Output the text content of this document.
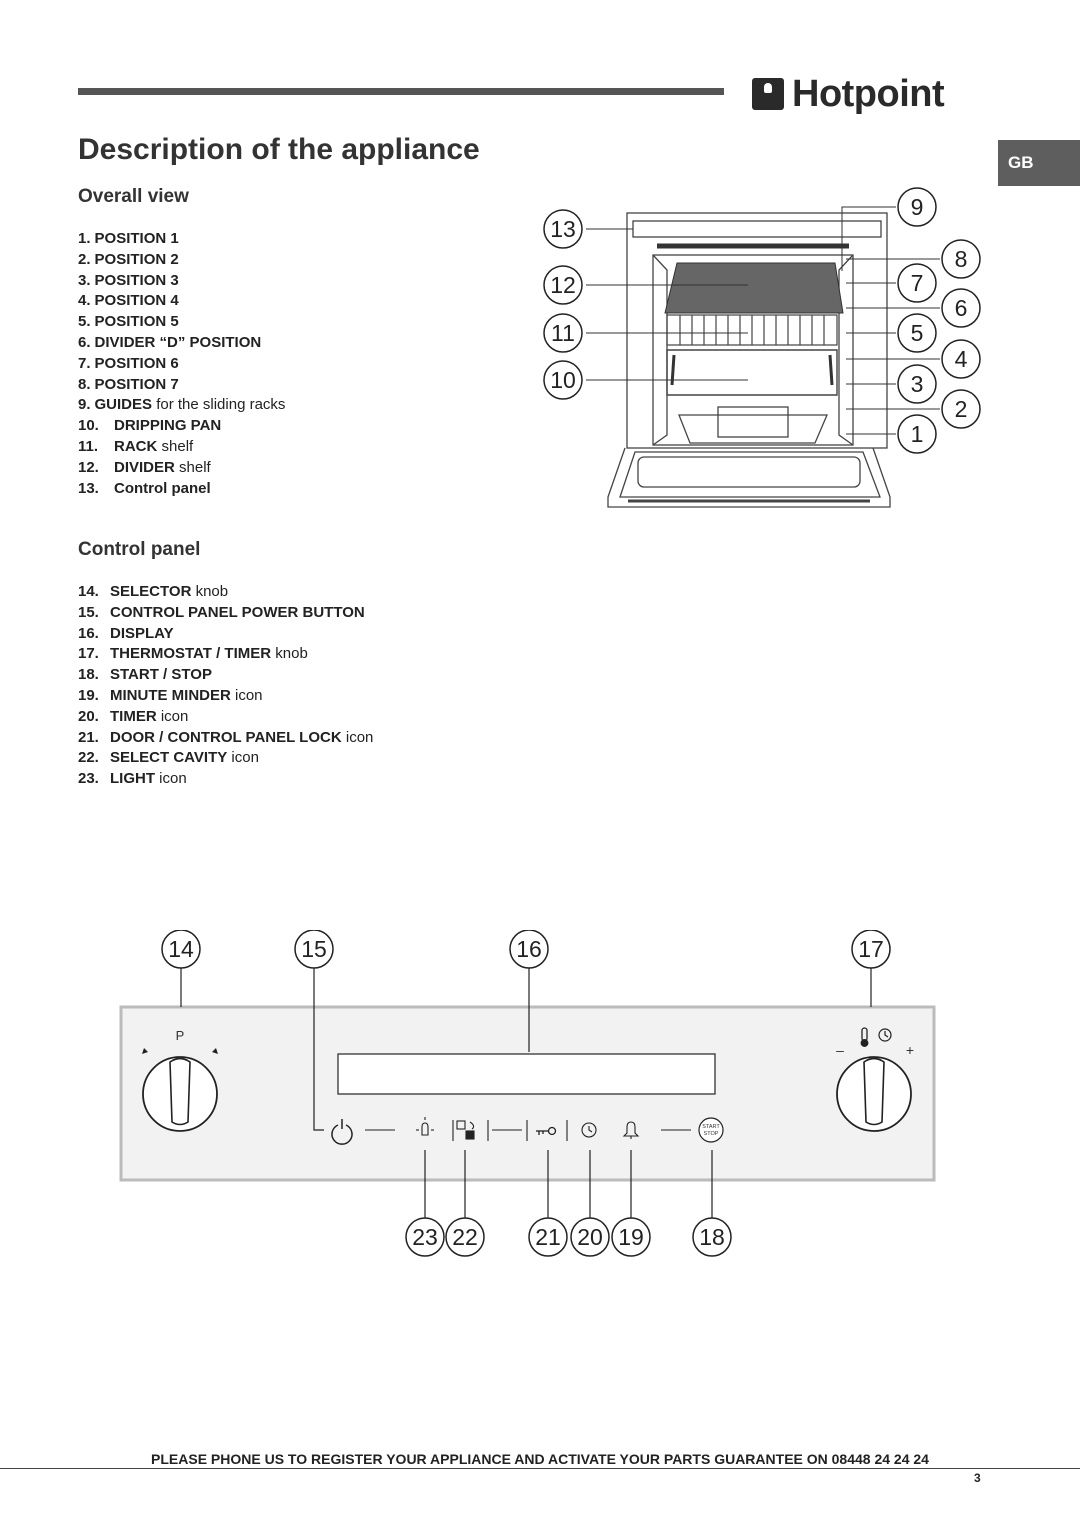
Hotpoint
Description of the appliance	GB
Overall view
1. POSITION 1
2. POSITION 2
3. POSITION 3
4. POSITION 4
5. POSITION 5
6. DIVIDER “D” POSITION
7. POSITION 6
8. POSITION 7
9. GUIDES for the sliding racks
10. DRIPPING PAN
11. RACK shelf
12. DIVIDER shelf
13. Control panel
Control panel
14. SELECTOR knob
15. CONTROL PANEL POWER BUTTON
16. DISPLAY
17. THERMOSTAT / TIMER knob
18. START / STOP
19. MINUTE MINDER icon
20. TIMER icon
21. DOOR / CONTROL PANEL LOCK icon
22. SELECT CAVITY icon
23. LIGHT icon
13
12
11
10
9
8
7
6
5
4
3
2
1
P
–	+
START
STOP
14	15	16	17
23 22 21 20 19 18
PLEASE PHONE US TO REGISTER YOUR APPLIANCE AND ACTIVATE YOUR PARTS GUARANTEE ON 08448 24 24 24
3
